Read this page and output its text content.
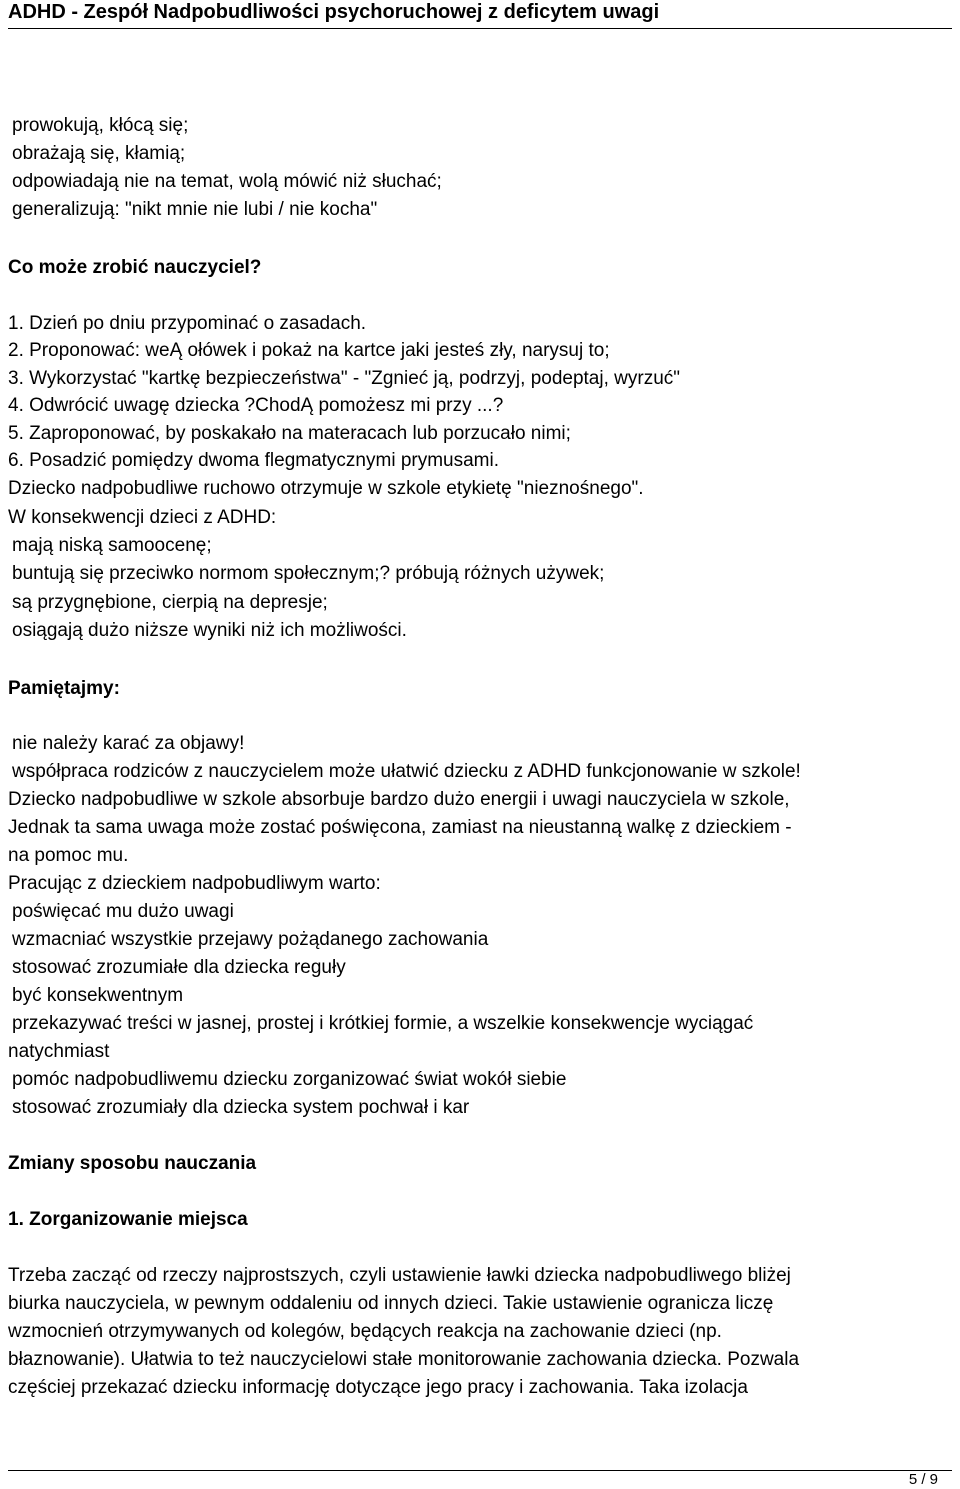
ADHD - Zespół Nadpobudliwości psychoruchowej z deficytem uwagi
prowokują, kłócą się;
obrażają się, kłamią;
odpowiadają nie na temat, wolą mówić niż słuchać;
generalizują: "nikt mnie nie lubi / nie kocha"
Co może zrobić nauczyciel?
1. Dzień po dniu przypominać o zasadach.
2. Proponować: weĄ ołówek i pokaż na kartce jaki jesteś zły, narysuj to;
3. Wykorzystać "kartkę bezpieczeństwa" - "Zgnieć ją, podrzyj, podeptaj, wyrzuć"
4. Odwrócić uwagę dziecka ?ChodĄ pomożesz mi przy ...?
5. Zaproponować, by poskakało na materacach lub porzucało nimi;
6. Posadzić pomiędzy dwoma flegmatycznymi prymusami.
Dziecko nadpobudliwe ruchowo otrzymuje w szkole etykietę "nieznośnego".
W konsekwencji dzieci z ADHD:
mają niską samoocenę;
buntują się przeciwko normom społecznym;? próbują różnych używek;
są przygnębione, cierpią na depresje;
osiągają dużo niższe wyniki niż ich możliwości.
Pamiętajmy:
nie należy karać za objawy!
współpraca rodziców z nauczycielem może ułatwić dziecku z ADHD funkcjonowanie w szkole!
Dziecko nadpobudliwe w szkole absorbuje bardzo dużo energii i uwagi nauczyciela w szkole,
Jednak ta sama uwaga może zostać poświęcona, zamiast na nieustanną walkę z dzieckiem -
na pomoc mu.
Pracując z dzieckiem nadpobudliwym warto:
poświęcać mu dużo uwagi
wzmacniać wszystkie przejawy pożądanego zachowania
stosować zrozumiałe dla dziecka reguły
być konsekwentnym
przekazywać treści w jasnej, prostej i krótkiej formie, a wszelkie konsekwencje wyciągać
natychmiast
pomóc nadpobudliwemu dziecku zorganizować świat wokół siebie
stosować zrozumiały dla dziecka system pochwał i kar
Zmiany sposobu nauczania
1. Zorganizowanie miejsca
Trzeba zacząć od rzeczy najprostszych, czyli ustawienie ławki dziecka nadpobudliwego bliżej
biurka nauczyciela, w pewnym oddaleniu od innych dzieci. Takie ustawienie ogranicza liczę
wzmocnień otrzymywanych od kolegów, będących reakcja na zachowanie dzieci (np.
błaznowanie). Ułatwia to też nauczycielowi stałe monitorowanie zachowania dziecka. Pozwala
częściej przekazać dziecku informację dotyczące jego pracy i zachowania. Taka izolacja
5 / 9
